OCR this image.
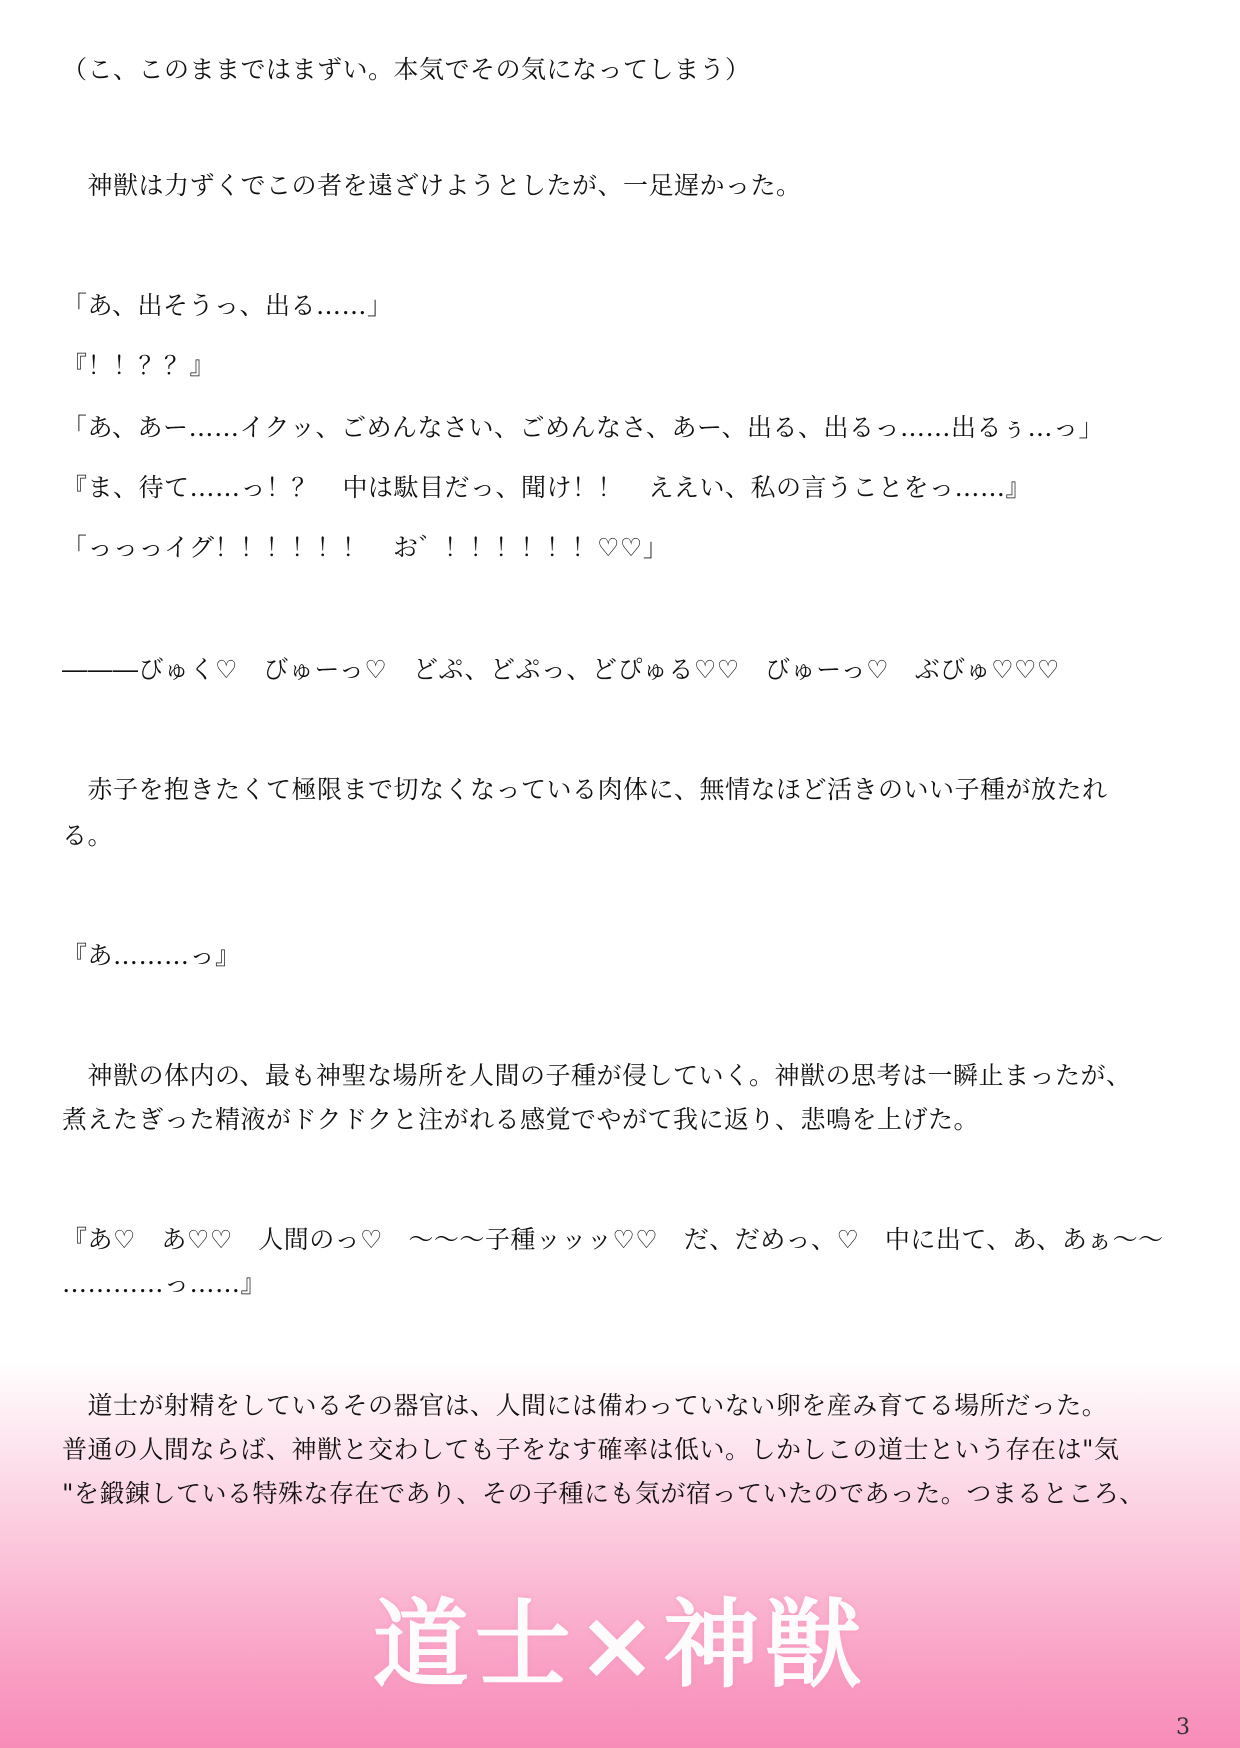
（こ、このままではまずい。本気でその気になってしまう）
　神獣は力ずくでこの者を遠ざけようとしたが、一足遅かった。
「あ、出そうっ、出る……」
『！！？？』
「あ、あー……イクッ、ごめんなさい、ごめんなさ、あー、出る、出るっ……出るぅ…っ」
『ま、待て……っ！？　中は駄目だっ、聞け！！　ええい、私の言うことをっ……』
「っっっイグ！！！！！！　お゛！！！！！！♡♡」
―――びゅく♡　びゅーっ♡　どぷ、どぷっ、どぴゅる♡♡　びゅーっ♡　ぶびゅ♡♡♡
　赤子を抱きたくて極限まで切なくなっている肉体に、無情なほど活きのいい子種が放たれ
る。
『あ………っ』
　神獣の体内の、最も神聖な場所を人間の子種が侵していく。神獣の思考は一瞬止まったが、
煮えたぎった精液がドクドクと注がれる感覚でやがて我に返り、悲鳴を上げた。
『あ♡　あ♡♡　人間のっ♡　～～～子種ッッッ♡♡　だ、だめっ、♡　中に出て、あ、あぁ～～
…………っ……』
　道士が射精をしているその器官は、人間には備わっていない卵を産み育てる場所だった。
普通の人間ならば、神獣と交わしても子をなす確率は低い。しかしこの道士という存在は"気
"を鍛錬している特殊な存在であり、その子種にも気が宿っていたのであった。つまるところ、
道士×神獣
3
